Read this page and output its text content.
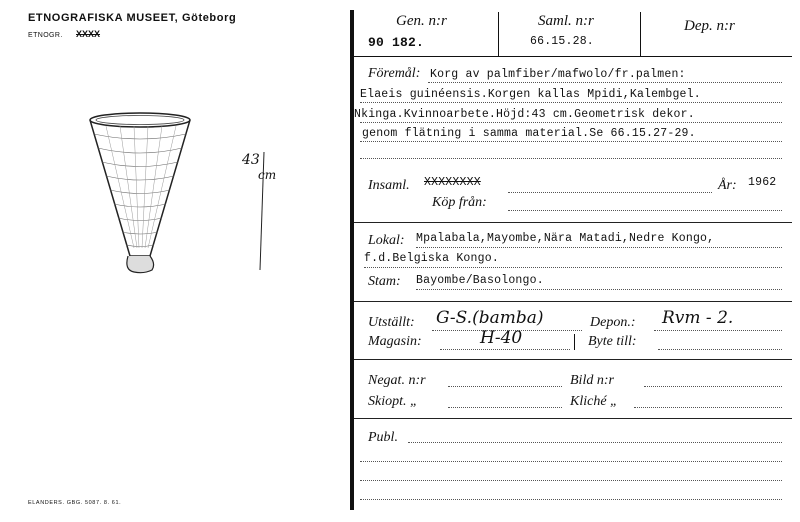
ETNOGRAFISKA MUSEET, Göteborg
ETNOGR. XXXX
43
cm
ELANDERS. GBG. 5087. 8. 61.
Gen. n:r
90 182.
Saml. n:r
66.15.28.
Dep. n:r
Föremål: Korg av palmfiber/mafwolo/fr.palmen:
Elaeis guinéensis.Korgen kallas Mpidi,Kalembgel.
Nkinga.Kvinnoarbete.Höjd:43 cm.Geometrisk dekor.
genom flätning i samma material.Se 66.15.27-29.
Insaml. XXXXXXXX	År: 1962
Köp från:
Lokal: Mpalabala,Mayombe,Nära Matadi,Nedre Kongo,
f.d.Belgiska Kongo.
Stam: Bayombe/Basolongo.
Utställt: G-S.(bamba)	Depon.: Rvm - 2.
Magasin:	H-40	Byte till:
Negat. n:r	Bild n:r
Skiopt. „	Kliché „
Publ.
